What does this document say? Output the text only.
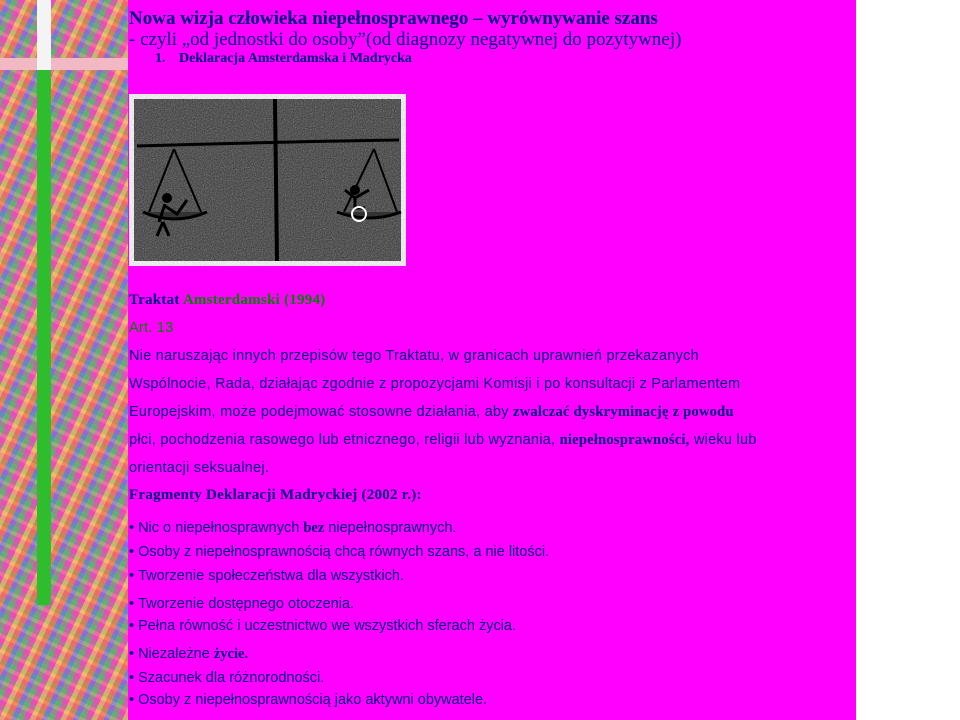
Nowa wizja człowieka niepełnosprawnego – wyrównywanie szans
- czyli „od jednostki do osoby”(od diagnozy negatywnej do pozytywnej)
1. Deklaracja Amsterdamska i Madrycka
Traktat Amsterdamski (1994)
Art. 13
Nie naruszając innych przepisów tego Traktatu, w granicach uprawnień przekazanych
Wspólnocie, Rada, działając zgodnie z propozycjami Komisji i po konsultacji z Parlamentem
Europejskim, może podejmować stosowne działania, aby zwalczać dyskryminację z powodu
płci, pochodzenia rasowego lub etnicznego, religii lub wyznania, niepełnosprawności, wieku lub
orientacji seksualnej.
Fragmenty Deklaracji Madryckiej (2002 r.):
• Nic o niepełnosprawnych bez niepełnosprawnych.
• Osoby z niepełnosprawnością chcą równych szans, a nie litości.
• Tworzenie społeczeństwa dla wszystkich.
• Tworzenie dostępnego otoczenia.
• Pełna równość i uczestnictwo we wszystkich sferach życia.
• Niezależne życie.
• Szacunek dla różnorodności.
• Osoby z niepełnosprawnością jako aktywni obywatele.
